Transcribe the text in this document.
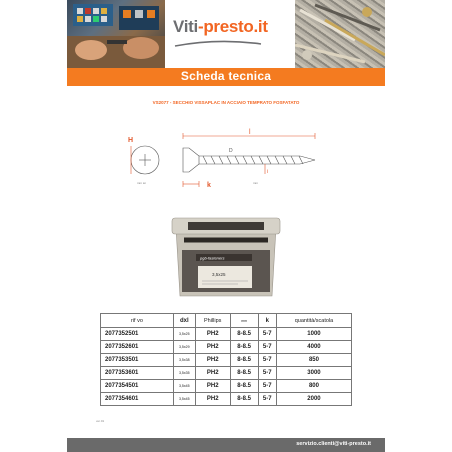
Viti-presto.it
Scheda tecnica
VS2077 - SECCHIO VISSAPLAC IN ACCIAIO TEMPRATO FOSFATATO
H
l
D
i
k
mm sn	mm
pgb-fasteners
3,5x25
rif vo	dxl	Phillips	mm	k	quantità/scatola
2077352501	3,5x25	PH2	8-8.5	5-7	1000
2077352601	3,5x29	PH2	8-8.5	5-7	4000
2077353501	3,5x38	PH2	8-8.5	5-7	850
2077353601	3,5x35	PH2	8-8.5	5-7	3000
2077354501	3,5x45	PH2	8-8.5	5-7	800
2077354601	3,5x45	PH2	8-8.5	5-7	2000
ver.01
servizio.clienti@viti-presto.it
